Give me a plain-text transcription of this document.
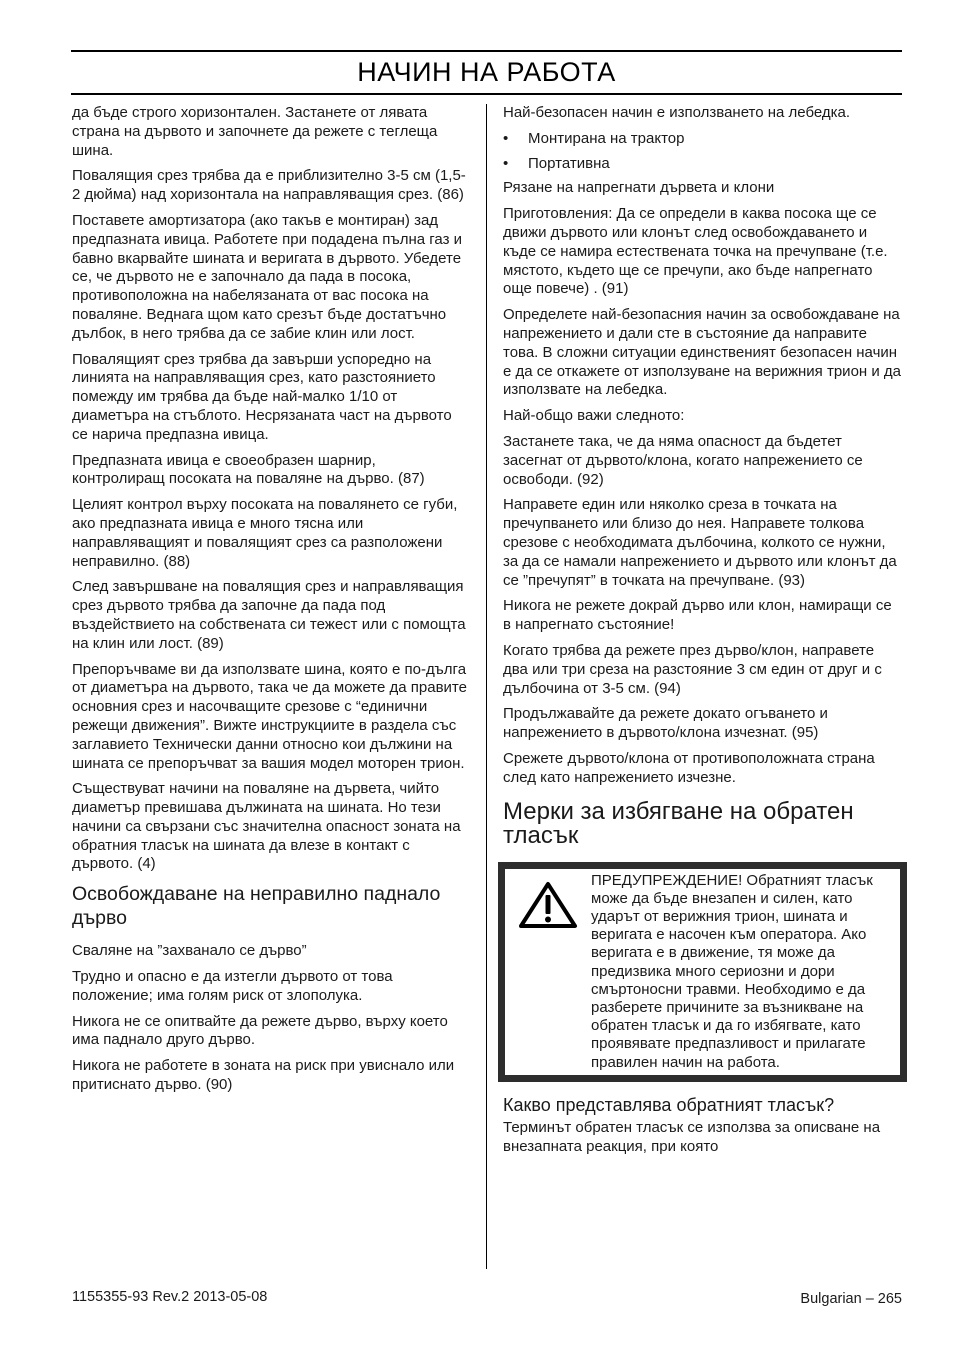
НАЧИН НА РАБОТА

да бъде строго хоризонтален. Застанете от лявата страна на дървото и започнете да режете с теглеща шина.

Повалящия срез трябва да е приблизително 3-5 см (1,5-2 дюйма) над хоризонтала на направляващия срез. (86)

Поставете амортизатора (ако такъв е монтиран) зад предпазната ивица. Работете при подадена пълна газ и бавно вкарвайте шината и веригата в дървото. Убедете се, че дървото не е започнало да пада в посока, противоположна на набелязаната от вас посока на поваляне. Веднага щом като срезът бъде достатъчно дълбок, в него трябва да се забие клин или лост.

Повалящият срез трябва да завърши успоредно на линията на направляващия срез, като разстоянието помежду им трябва да бъде най-малко 1/10 от диаметъра на стъблото. Несрязаната част на дървото се нарича предпазна ивица.

Предпазната ивица е своеобразен шарнир, контролиращ посоката на поваляне на дърво. (87)

Целият контрол върху посоката на повалянето се губи, ако предпазната ивица е много тясна или направляващият и повалящият срез са разположени неправилно. (88)

След завършване на повалящия срез и направляващия срез дървото трябва да започне да пада под въздействието на собствената си тежест или с помощта на клин или лост. (89)

Препоръчваме ви да използвате шина, която е по-дълга от диаметъра на дървото, така че да можете да правите основния срез и насочващите срезове с “единични режещи движения”. Вижте инструкциите в раздела със заглавието Технически данни относно кои дължини на шината се препоръчват за вашия модел моторен трион.

Съществуват начини на поваляне на дървета, чийто диаметър превишава дължината на шината. Но тези начини са свързани със значителна опасност зоната на обратния тласък на шината да влезе в контакт с дървото. (4)

Освобождаване на неправилно паднало дърво

Сваляне на ”захванало се дърво”

Трудно и опасно е да изтегли дървото от това положение; има голям риск от злополука.

Никога не се опитвайте да режете дърво, върху което има паднало друго дърво.

Никога не работете в зоната на риск при увиснало или притиснато дърво. (90)

Най-безопасен начин е използването на лебедка.

• Монтирана на трактор
• Портативна

Рязане на напрегнати дървета и клони

Приготовления: Да се определи в каква посока ще се движи дървото или клонът след освобождаването и къде се намира естествената точка на пречупване (т.е. мястото, където ще се пречупи, ако бъде напрегнато още повече) . (91)

Определете най-безопасния начин за освобождаване на напрежението и дали сте в състояние да направите това. В сложни ситуации единственият безопасен начин е да се откажете от използуване на верижния трион и да използвате на лебедка.

Най-общо важи следното:

Застанете така, че да няма опасност да бъдетет засегнат от дървото/клона, когато напрежението се освободи. (92)

Направете един или няколко среза в точката на пречупването или близо до нея. Направете толкова срезове с необходимата дълбочина, колкото се нужни, за да се намали напрежението и дървото или клонът да се ”пречупят” в точката на пречупване. (93)

Никога не режете докрай дърво или клон, намиращи се в напрегнато състояние!

Когато трябва да режете през дърво/клон, направете два или три среза на разстояние 3 см един от друг и с дълбочина от 3-5 см. (94)

Продължавайте да режете докато огъването и напрежението в дървото/клона изчезнат. (95)

Срежете дървото/клона от противоположната страна след като напрежението изчезне.

Мерки за избягване на обратен тласък
ПРЕДУПРЕЖДЕНИЕ! Обратният тласък може да бъде внезапен и силен, като ударът от верижния трион, шината и веригата е насочен към оператора. Ако веригата е в движение, тя може да предизвика много сериозни и дори смъртоносни травми. Необходимо е да разберете причините за възникване на обратен тласък и да го избягвате, като проявявате предпазливост и прилагате правилен начин на работа.
Какво представлява обратният тласък?

Терминът обратен тласък се използва за описване на внезапната реакция, при която

1155355-93 Rev.2 2013-05-08	Bulgarian – 265
